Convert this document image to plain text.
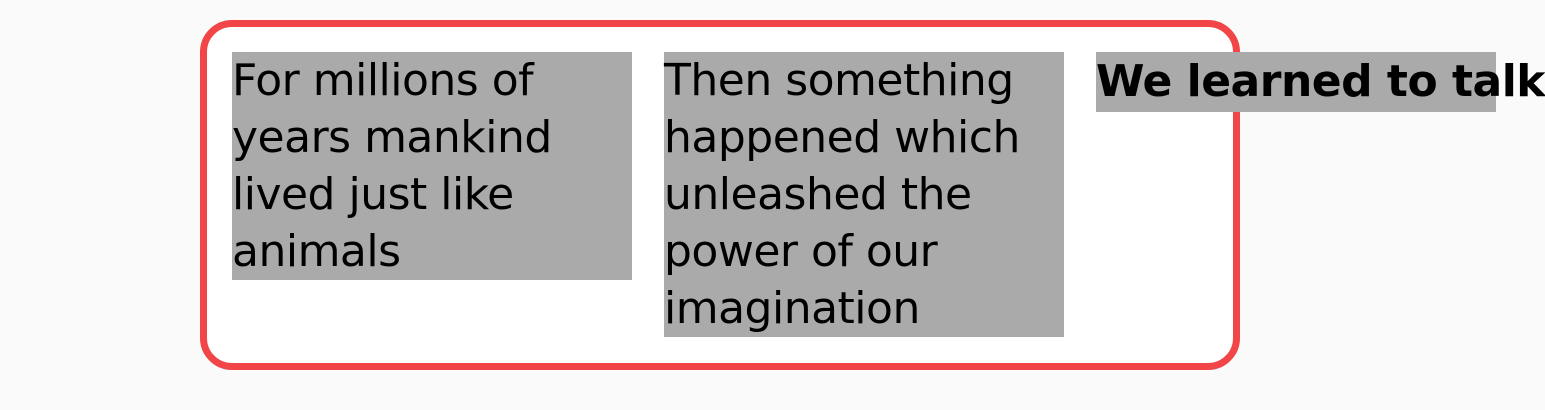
For millions of years mankind lived just like animals
Then something happened which unleashed the power of our imagination
We learned to talk
